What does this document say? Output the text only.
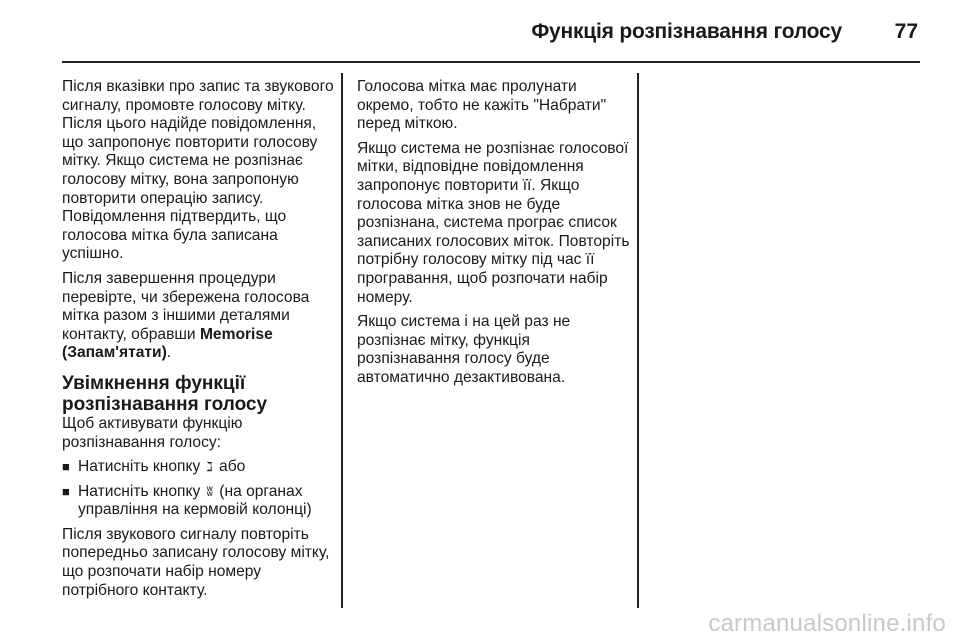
Функція розпізнавання голосу	77

Після вказівки про запис та звукового сигналу, промовте голосову мітку. Після цього надійде повідомлення, що запропонує повторити голосову мітку. Якщо система не розпізнає голосову мітку, вона запропоную повторити операцію запису. Повідомлення підтвердить, що голосова мітка була записана успішно.

Після завершення процедури перевірте, чи збережена голосова мітка разом з іншими деталями контакту, обравши Memorise (Запам'ятати).

Увімкнення функції розпізнавання голосу

Щоб активувати функцію розпізнавання голосу:

■ Натисніть кнопку ℷ або
■ Натисніть кнопку ʬ (на органах управління на кермовій колонці)

Після звукового сигналу повторіть попередньо записану голосову мітку, що розпочати набір номеру потрібного контакту.

Голосова мітка має пролунати окремо, тобто не кажіть "Набрати" перед міткою.

Якщо система не розпізнає голосової мітки, відповідне повідомлення запропонує повторити її. Якщо голосова мітка знов не буде розпізнана, система програє список записаних голосових міток. Повторіть потрібну голосову мітку під час її програвання, щоб розпочати набір номеру.

Якщо система і на цей раз не розпізнає мітку, функція розпізнавання голосу буде автоматично дезактивована.

carmanualsonline.info
